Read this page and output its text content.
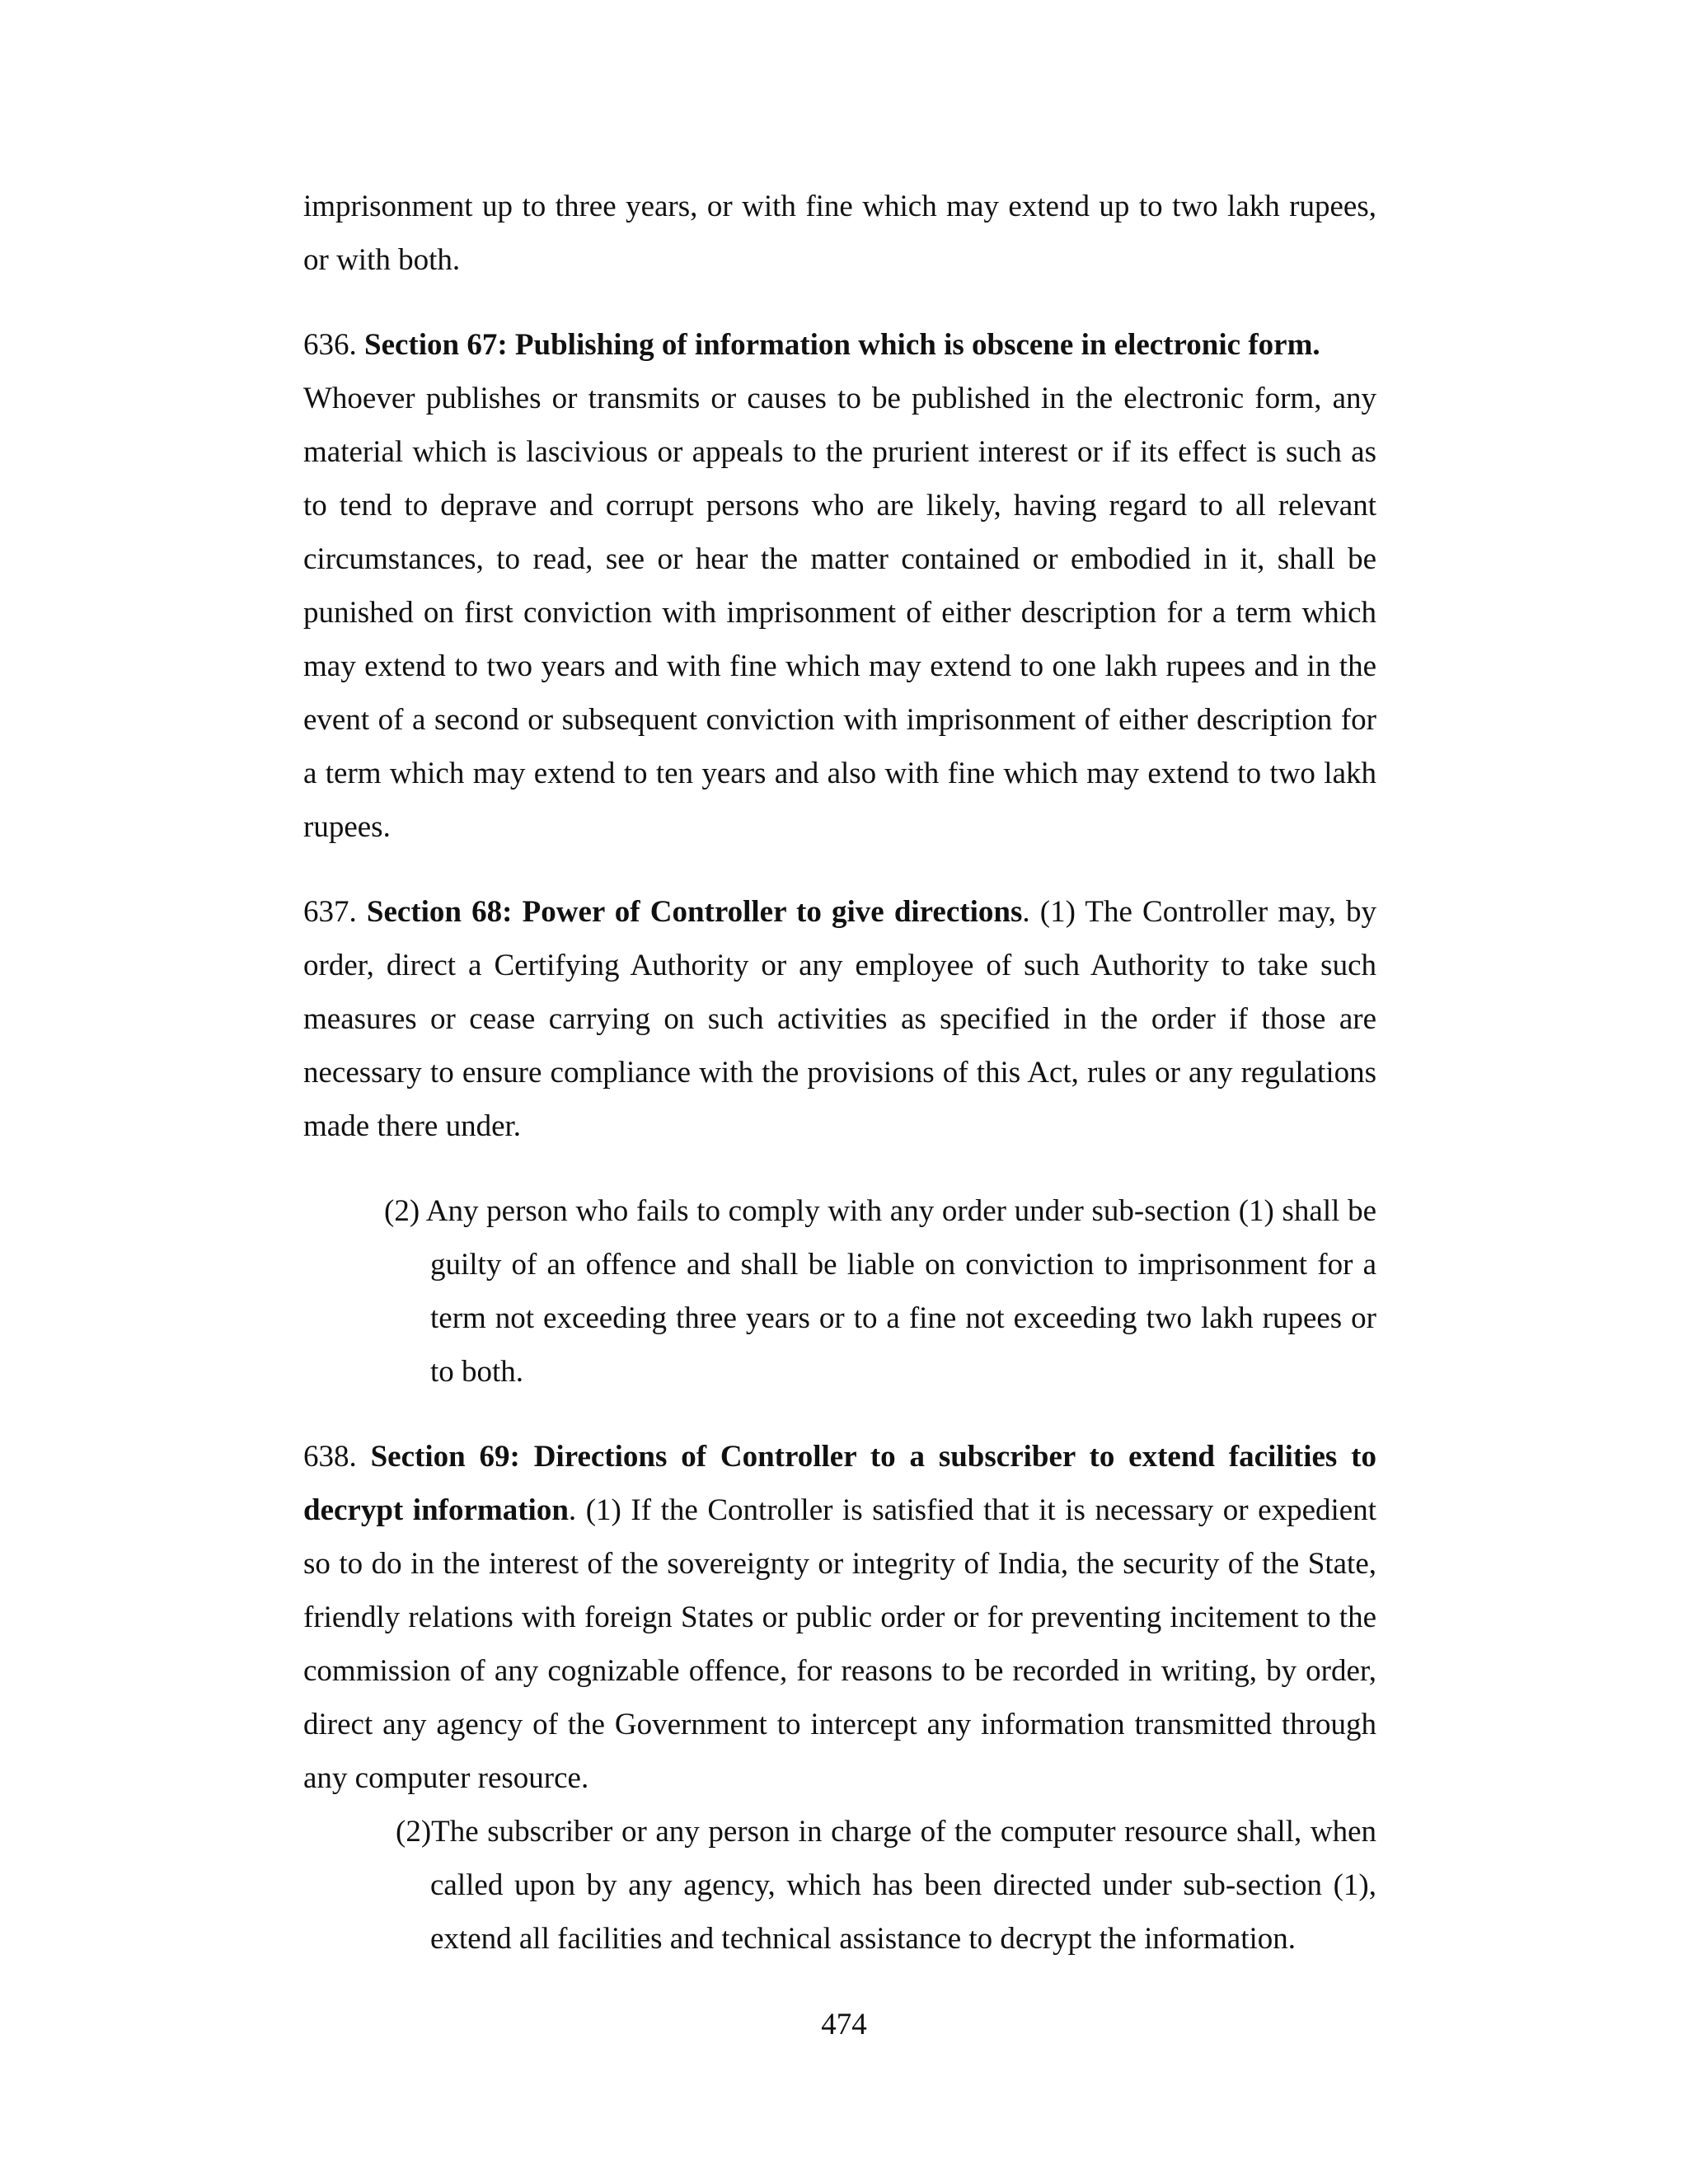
imprisonment up to three years, or with fine which may extend up to two lakh rupees, or with both.

636. Section 67: Publishing of information which is obscene in electronic form.

Whoever publishes or transmits or causes to be published in the electronic form, any material which is lascivious or appeals to the prurient interest or if its effect is such as to tend to deprave and corrupt persons who are likely, having regard to all relevant circumstances, to read, see or hear the matter contained or embodied in it, shall be punished on first conviction with imprisonment of either description for a term which may extend to two years and with fine which may extend to one lakh rupees and in the event of a second or subsequent conviction with imprisonment of either description for a term which may extend to ten years and also with fine which may extend to two lakh rupees.

637. Section 68: Power of Controller to give directions. (1) The Controller may, by order, direct a Certifying Authority or any employee of such Authority to take such measures or cease carrying on such activities as specified in the order if those are necessary to ensure compliance with the provisions of this Act, rules or any regulations made there under.

(2) Any person who fails to comply with any order under sub-section (1) shall be guilty of an offence and shall be liable on conviction to imprisonment for a term not exceeding three years or to a fine not exceeding two lakh rupees or to both.

638. Section 69: Directions of Controller to a subscriber to extend facilities to decrypt information. (1) If the Controller is satisfied that it is necessary or expedient so to do in the interest of the sovereignty or integrity of India, the security of the State, friendly relations with foreign States or public order or for preventing incitement to the commission of any cognizable offence, for reasons to be recorded in writing, by order, direct any agency of the Government to intercept any information transmitted through any computer resource.

(2)The subscriber or any person in charge of the computer resource shall, when called upon by any agency, which has been directed under sub-section (1), extend all facilities and technical assistance to decrypt the information.

474
